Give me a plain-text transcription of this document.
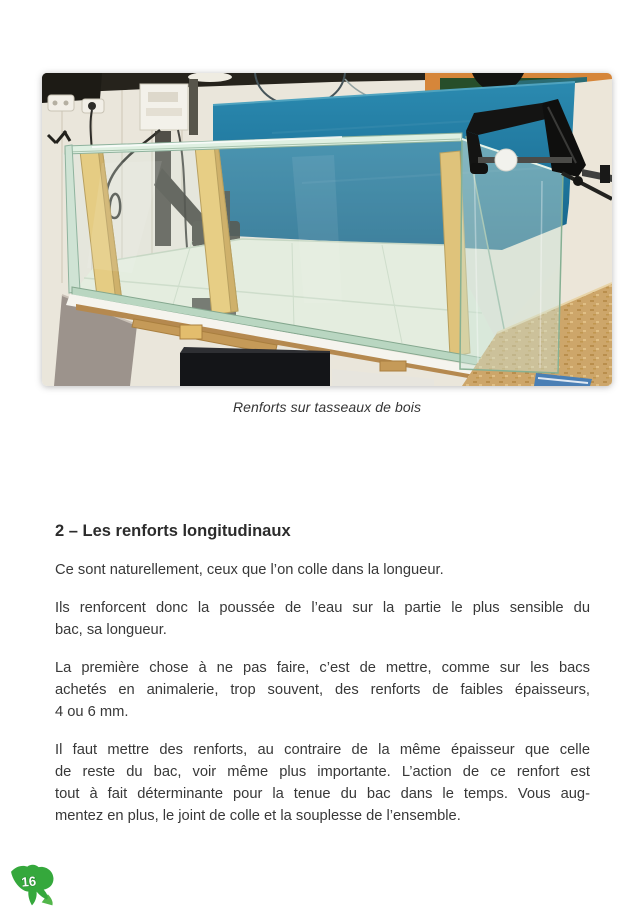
Renforts sur tasseaux de bois
2 – Les renforts longitudinaux

Ce sont naturellement, ceux que l’on colle dans la longueur.

Ils renforcent donc la poussée de l’eau sur la partie le plus sensible du
bac, sa longueur.

La première chose à ne pas faire, c’est de mettre, comme sur les bacs
achetés en animalerie, trop souvent, des renforts de faibles épaisseurs,
4 ou 6 mm.

Il faut mettre des renforts, au contraire de la même épaisseur que celle
de reste du bac, voir même plus importante. L’action de ce renfort est
tout à fait déterminante pour la tenue du bac dans le temps. Vous aug-
mentez en plus, le joint de colle et la souplesse de l’ensemble.

16
